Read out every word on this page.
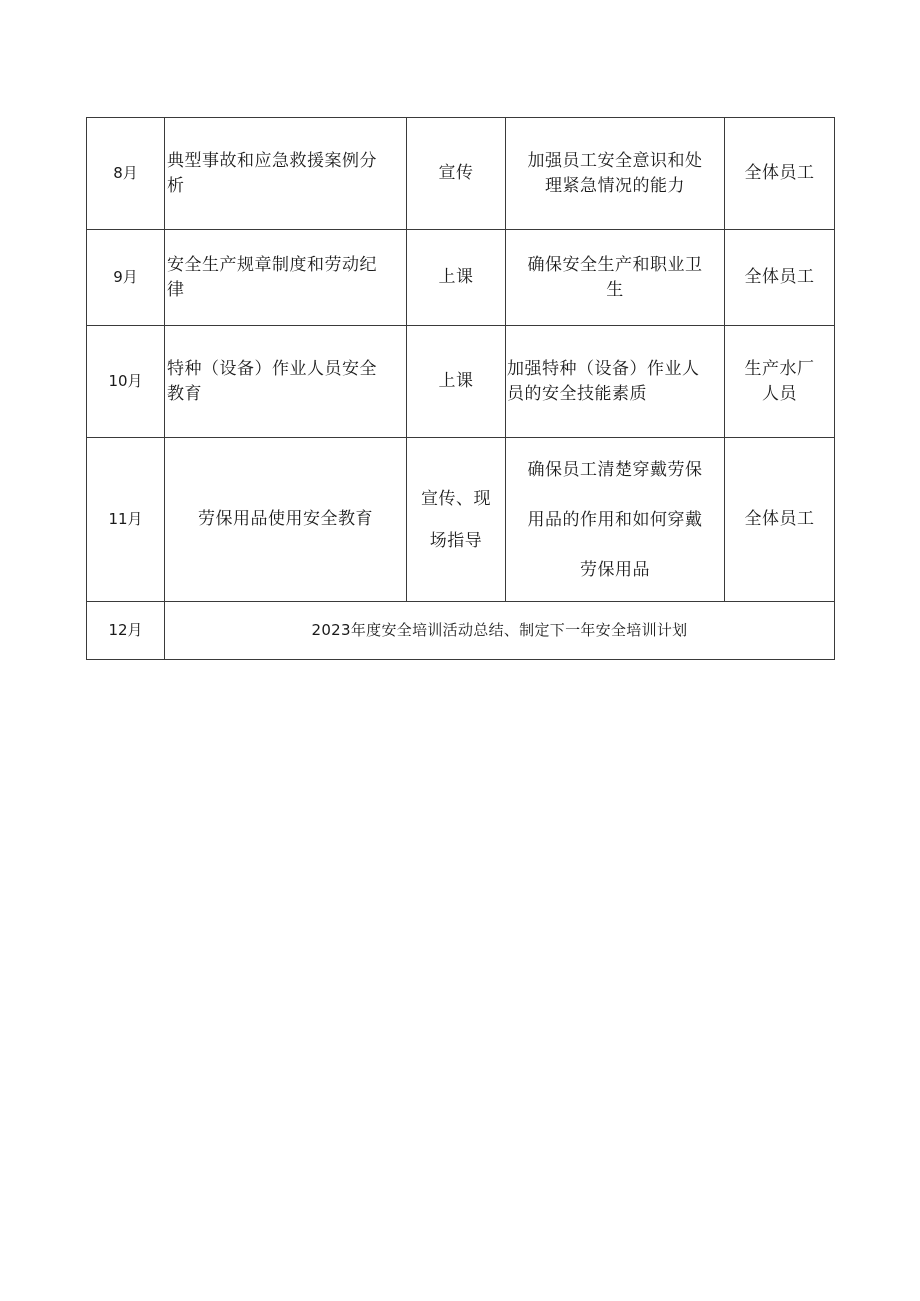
8月	典型事故和应急救援案例分
析	宣传	加强员工安全意识和处
理紧急情况的能力	全体员工

9月	安全生产规章制度和劳动纪
律	上课	确保安全生产和职业卫
生	全体员工

10月	特种（设备）作业人员安全
教育	上课	加强特种（设备）作业人
员的安全技能素质	生产水厂
人员

11月	劳保用品使用安全教育	宣传、现
场指导	确保员工清楚穿戴劳保
用品的作用和如何穿戴
劳保用品	全体员工

12月	2023年度安全培训活动总结、制定下一年安全培训计划			
